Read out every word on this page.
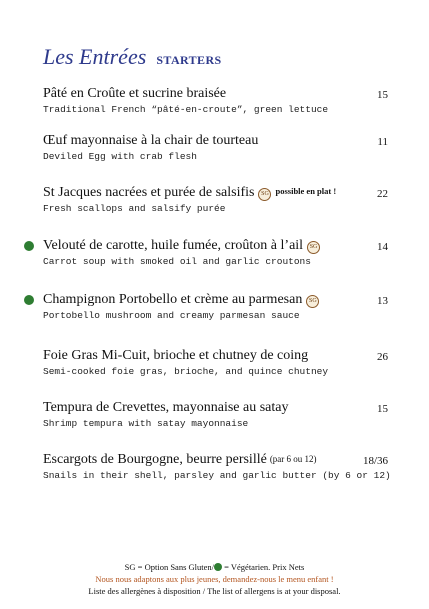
Les Entrées STARTERS
Pâté en Croûte et sucrine braisée	15
Traditional French “pâté-en-croute”, green lettuce
Œuf mayonnaise à la chair de tourteau	11
Deviled Egg with crab flesh
St Jacques nacrées et purée de salsifis SG possible en plat !	22
Fresh scallops and salsify purée
Velouté de carotte, huile fumée, croûton à l’ail SG	14
Carrot soup with smoked oil and garlic croutons
Champignon Portobello et crème au parmesan SG	13
Portobello mushroom and creamy parmesan sauce
Foie Gras Mi-Cuit, brioche et chutney de coing	26
Semi-cooked foie gras, brioche, and quince chutney
Tempura de Crevettes, mayonnaise au satay	15
Shrimp tempura with satay mayonnaise
Escargots de Bourgogne, beurre persillé (par 6 ou 12)	18/36
Snails in their shell, parsley and garlic butter (by 6 or 12)
SG = Option Sans Gluten/ = Végétarien. Prix Nets
Nous nous adaptons aux plus jeunes, demandez-nous le menu enfant !
Liste des allergènes à disposition / The list of allergens is at your disposal.
